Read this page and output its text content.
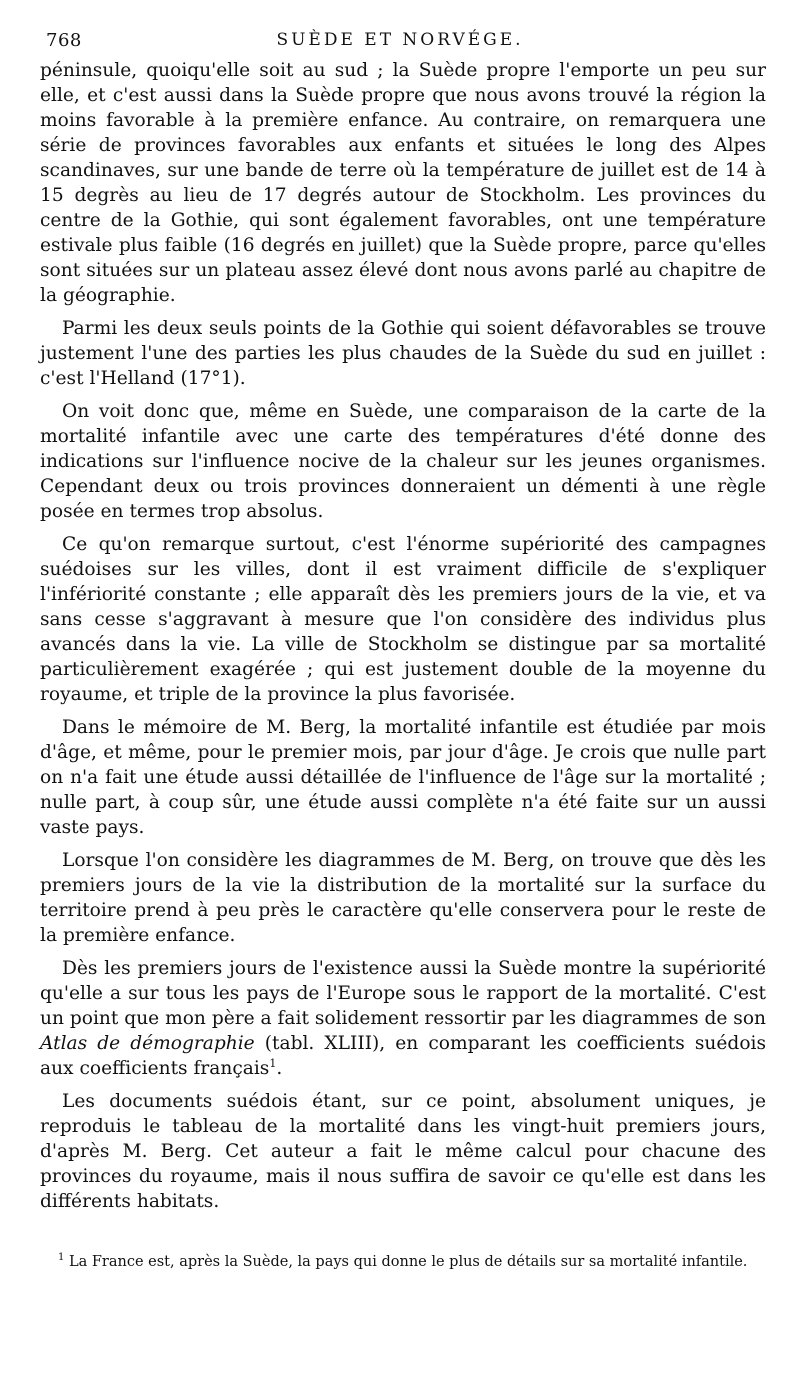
768	SUÈDE ET NORVÉGE.

péninsule, quoiqu'elle soit au sud ; la Suède propre l'emporte un peu sur elle, et c'est aussi dans la Suède propre que nous avons trouvé la région la moins favorable à la première enfance. Au contraire, on remarquera une série de provinces favorables aux enfants et situées le long des Alpes scandinaves, sur une bande de terre où la température de juillet est de 14 à 15 degrès au lieu de 17 degrés autour de Stockholm. Les provinces du centre de la Gothie, qui sont également favorables, ont une température estivale plus faible (16 degrés en juillet) que la Suède propre, parce qu'elles sont situées sur un plateau assez élevé dont nous avons parlé au chapitre de la géographie.

Parmi les deux seuls points de la Gothie qui soient défavorables se trouve justement l'une des parties les plus chaudes de la Suède du sud en juillet : c'est l'Helland (17°1).

On voit donc que, même en Suède, une comparaison de la carte de la mortalité infantile avec une carte des températures d'été donne des indications sur l'influence nocive de la chaleur sur les jeunes organismes. Cependant deux ou trois provinces donneraient un démenti à une règle posée en termes trop absolus.

Ce qu'on remarque surtout, c'est l'énorme supériorité des campagnes suédoises sur les villes, dont il est vraiment difficile de s'expliquer l'infériorité constante ; elle apparaît dès les premiers jours de la vie, et va sans cesse s'aggravant à mesure que l'on considère des individus plus avancés dans la vie. La ville de Stockholm se distingue par sa mortalité particulièrement exagérée ; qui est justement double de la moyenne du royaume, et triple de la province la plus favorisée.

Dans le mémoire de M. Berg, la mortalité infantile est étudiée par mois d'âge, et même, pour le premier mois, par jour d'âge. Je crois que nulle part on n'a fait une étude aussi détaillée de l'influence de l'âge sur la mortalité ; nulle part, à coup sûr, une étude aussi complète n'a été faite sur un aussi vaste pays.

Lorsque l'on considère les diagrammes de M. Berg, on trouve que dès les premiers jours de la vie la distribution de la mortalité sur la surface du territoire prend à peu près le caractère qu'elle conservera pour le reste de la première enfance.

Dès les premiers jours de l'existence aussi la Suède montre la supériorité qu'elle a sur tous les pays de l'Europe sous le rapport de la mortalité. C'est un point que mon père a fait solidement ressortir par les diagrammes de son Atlas de démographie (tabl. XLIII), en comparant les coefficients suédois aux coefficients français$^1$.

Les documents suédois étant, sur ce point, absolument uniques, je reproduis le tableau de la mortalité dans les vingt-huit premiers jours, d'après M. Berg. Cet auteur a fait le même calcul pour chacune des provinces du royaume, mais il nous suffira de savoir ce qu'elle est dans les différents habitats.

$^1$ La France est, après la Suède, la pays qui donne le plus de détails sur sa mortalité infantile.
